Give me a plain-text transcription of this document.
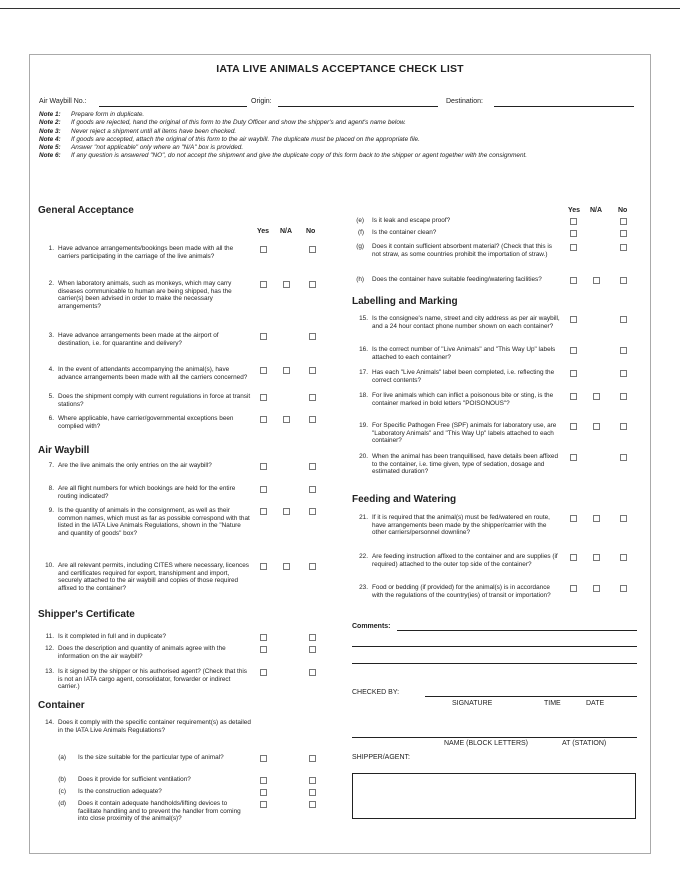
IATA LIVE ANIMALS ACCEPTANCE CHECK LIST
Air Waybill No.:	Origin:	Destination:
Note 1:	Prepare form in duplicate.
Note 2:	If goods are rejected, hand the original of this form to the Duty Officer and show the shipper's and agent's name below.
Note 3:	Never reject a shipment until all items have been checked.
Note 4:	If goods are accepted, attach the original of this form to the air waybill. The duplicate must be placed on the appropriate file.
Note 5:	Answer "not applicable" only where an "N/A" box is provided.
Note 6:	If any question is answered "NO", do not accept the shipment and give the duplicate copy of this form back to the shipper or agent together with the consignment.
General Acceptance
Yes N/A No
1. Have advance arrangements/bookings been made with all the carriers participating in the carriage of the live animals?
2. When laboratory animals, such as monkeys, which may carry diseases communicable to human are being shipped, has the carrier(s) been advised in order to make the necessary arrangements?
3. Have advance arrangements been made at the airport of destination, i.e. for quarantine and delivery?
4. In the event of attendants accompanying the animal(s), have advance arrangements been made with all the carriers concerned?
5. Does the shipment comply with current regulations in force at transit stations?
6. Where applicable, have carrier/governmental exceptions been complied with?
Air Waybill
7. Are the live animals the only entries on the air waybill?
8. Are all flight numbers for which bookings are held for the entire routing indicated?
9. Is the quantity of animals in the consignment, as well as their common names, which must as far as possible correspond with that listed in the IATA Live Animals Regulations, shown in the "Nature and quantity of goods" box?
10. Are all relevant permits, including CITES where necessary, licences and certificates required for export, transhipment and import, securely attached to the air waybill and copies of those required affixed to the container?
Shipper's Certificate
11. Is it completed in full and in duplicate?
12. Does the description and quantity of animals agree with the information on the air waybill?
13. Is it signed by the shipper or his authorised agent? (Check that this is not an IATA cargo agent, consolidator, forwarder or indirect carrier.)
Container
14. Does it comply with the specific container requirement(s) as detailed in the IATA Live Animals Regulations?
(a) Is the size suitable for the particular type of animal?
(b) Does it provide for sufficient ventilation?
(c) Is the construction adequate?
(d) Does it contain adequate handholds/lifting devices to facilitate handling and to prevent the handler from coming into close proximity of the animal(s)?
Yes N/A No
(e) Is it leak and escape proof?
(f) Is the container clean?
(g) Does it contain sufficient absorbent material? (Check that this is not straw, as some countries prohibit the importation of straw.)
(h) Does the container have suitable feeding/watering facilities?
Labelling and Marking
15. Is the consignee's name, street and city address as per air waybill, and a 24 hour contact phone number shown on each container?
16. Is the correct number of "Live Animals" and "This Way Up" labels attached to each container?
17. Has each "Live Animals" label been completed, i.e. reflecting the correct contents?
18. For live animals which can inflict a poisonous bite or sting, is the container marked in bold letters "POISONOUS"?
19. For Specific Pathogen Free (SPF) animals for laboratory use, are "Laboratory Animals" and "This Way Up" labels attached to each container?
20. When the animal has been tranquillised, have details been affixed to the container, i.e. time given, type of sedation, dosage and estimated duration?
Feeding and Watering
21. If it is required that the animal(s) must be fed/watered en route, have arrangements been made by the shipper/carrier with the other carriers/personnel downline?
22. Are feeding instruction affixed to the container and are supplies (if required) attached to the outer top side of the container?
23. Food or bedding (if provided) for the animal(s) is in accordance with the regulations of the country(ies) of transit or importation?
Comments:
CHECKED BY:
SIGNATURE	TIME	DATE
NAME (BLOCK LETTERS)	AT (STATION)
SHIPPER/AGENT:
